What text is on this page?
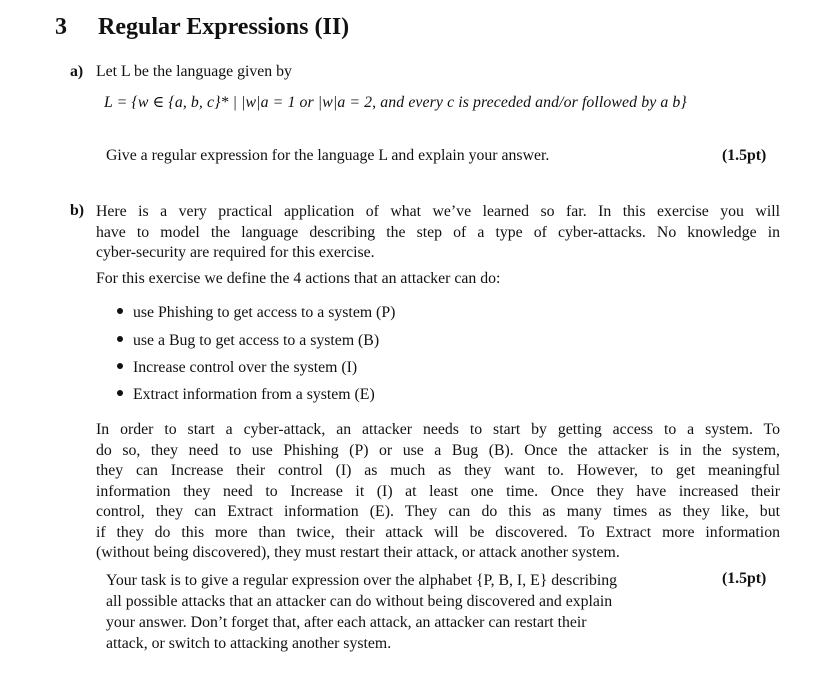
3 Regular Expressions (II)
a) Let L be the language given by
L = {w ∈ {a, b, c}* | |w|a = 1 or |w|a = 2, and every c is preceded and/or followed by a b}
Give a regular expression for the language L and explain your answer.	(1.5pt)
b) Here is a very practical application of what we’ve learned so far. In this exercise you will
have to model the language describing the step of a type of cyber-attacks. No knowledge in
cyber-security are required for this exercise.
For this exercise we define the 4 actions that an attacker can do:
use Phishing to get access to a system (P)
use a Bug to get access to a system (B)
Increase control over the system (I)
Extract information from a system (E)
In order to start a cyber-attack, an attacker needs to start by getting access to a system. To
do so, they need to use Phishing (P) or use a Bug (B). Once the attacker is in the system,
they can Increase their control (I) as much as they want to. However, to get meaningful
information they need to Increase it (I) at least one time. Once they have increased their
control, they can Extract information (E). They can do this as many times as they like, but
if they do this more than twice, their attack will be discovered. To Extract more information
(without being discovered), they must restart their attack, or attack another system.
Your task is to give a regular expression over the alphabet {P, B, I, E} describing
all possible attacks that an attacker can do without being discovered and explain
your answer. Don’t forget that, after each attack, an attacker can restart their
attack, or switch to attacking another system.
(1.5pt)
